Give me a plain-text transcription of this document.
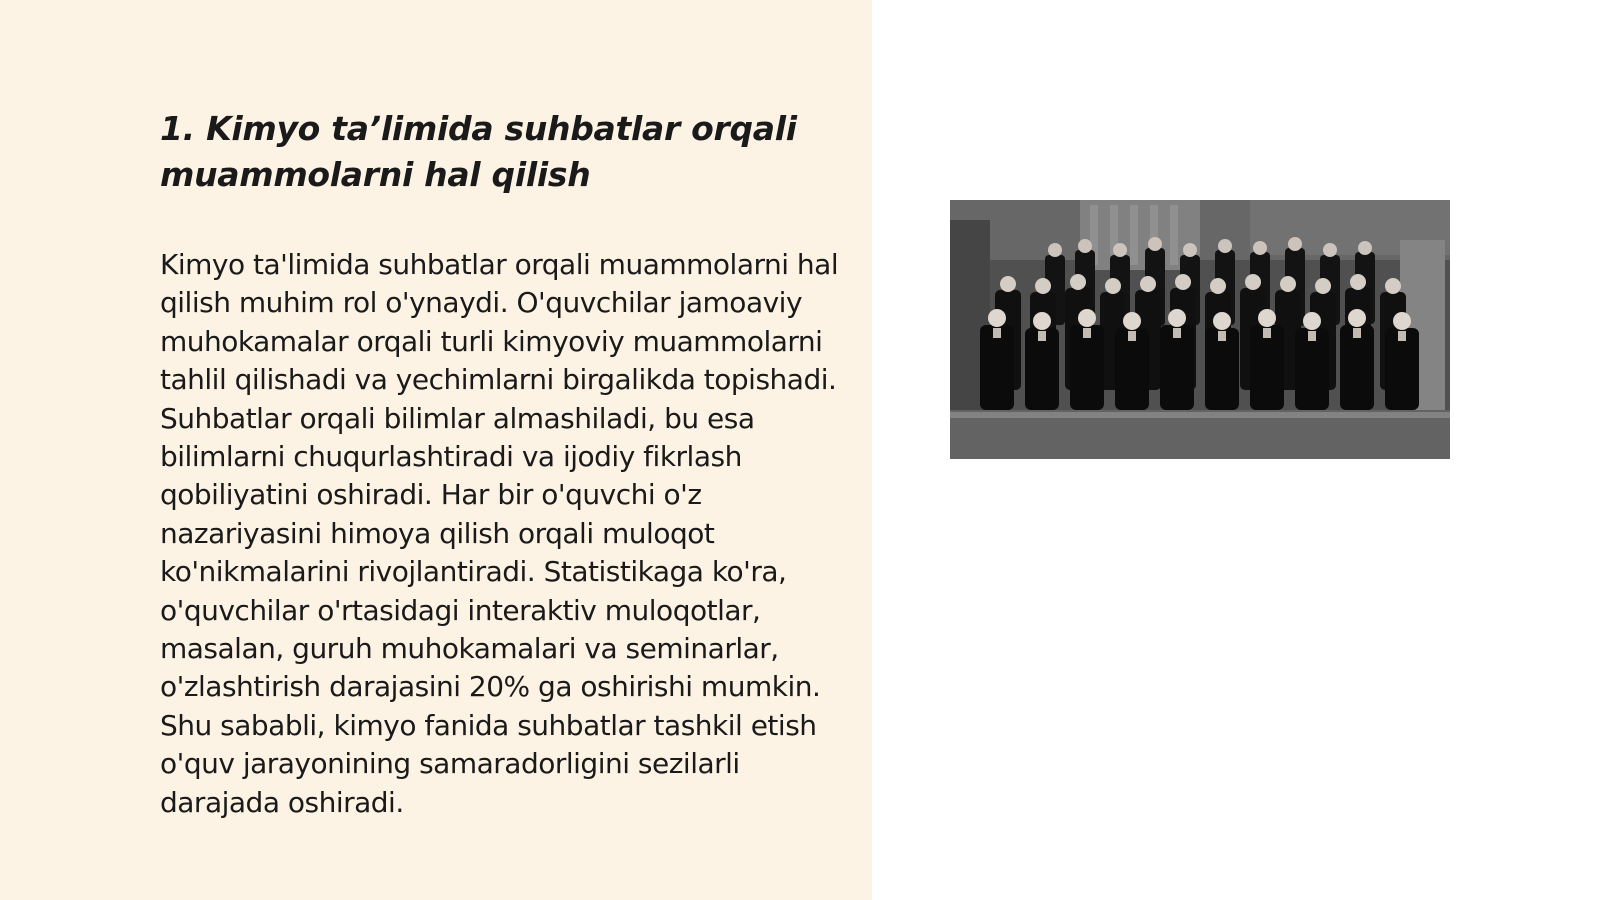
1. Kimyo ta’limida suhbatlar orqali muammolarni hal qilish

Kimyo ta'limida suhbatlar orqali muammolarni hal qilish muhim rol o'ynaydi. O'quvchilar jamoaviy muhokamalar orqali turli kimyoviy muammolarni tahlil qilishadi va yechimlarni birgalikda topishadi. Suhbatlar orqali bilimlar almashiladi, bu esa bilimlarni chuqurlashtiradi va ijodiy fikrlash qobiliyatini oshiradi. Har bir o'quvchi o'z nazariyasini himoya qilish orqali muloqot ko'nikmalarini rivojlantiradi. Statistikaga ko'ra, o'quvchilar o'rtasidagi interaktiv muloqotlar, masalan, guruh muhokamalari va seminarlar, o'zlashtirish darajasini 20% ga oshirishi mumkin. Shu sababli, kimyo fanida suhbatlar tashkil etish o'quv jarayonining samaradorligini sezilarli darajada oshiradi.
